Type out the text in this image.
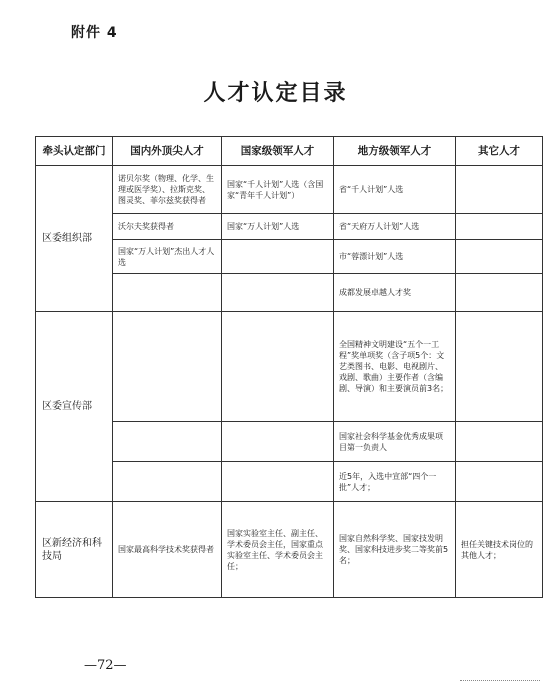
附件 4
人才认定目录
牵头认定部门	国内外顶尖人才	国家级领军人才	地方级领军人才	其它人才
区委组织部	诺贝尔奖（物理、化学、生理或医学奖）、拉斯克奖、图灵奖、菲尔兹奖获得者	国家“千人计划”人选（含国家“青年千人计划”）	省“千人计划”人选	
	沃尔夫奖获得者	国家“万人计划”人选	省“天府万人计划”人选	
	国家“万人计划”杰出人才人选		市“蓉漂计划”人选	
			成都发展卓越人才奖	
区委宣传部			全国精神文明建设“五个一工程”奖单项奖（含子项5个：文艺类图书、电影、电视剧片、戏剧、歌曲）主要作者（含编剧、导演）和主要演员前3名；	
			国家社会科学基金优秀成果项目第一负责人	
			近5年，入选中宣部“四个一批”人才；	
区新经济和科技局	国家最高科学技术奖获得者	国家实验室主任、副主任、学术委员会主任，国家重点实验室主任、学术委员会主任；	国家自然科学奖、国家技发明奖、国家科技进步奖二等奖前5名；	担任关键技术岗位的其他人才；
—72—
